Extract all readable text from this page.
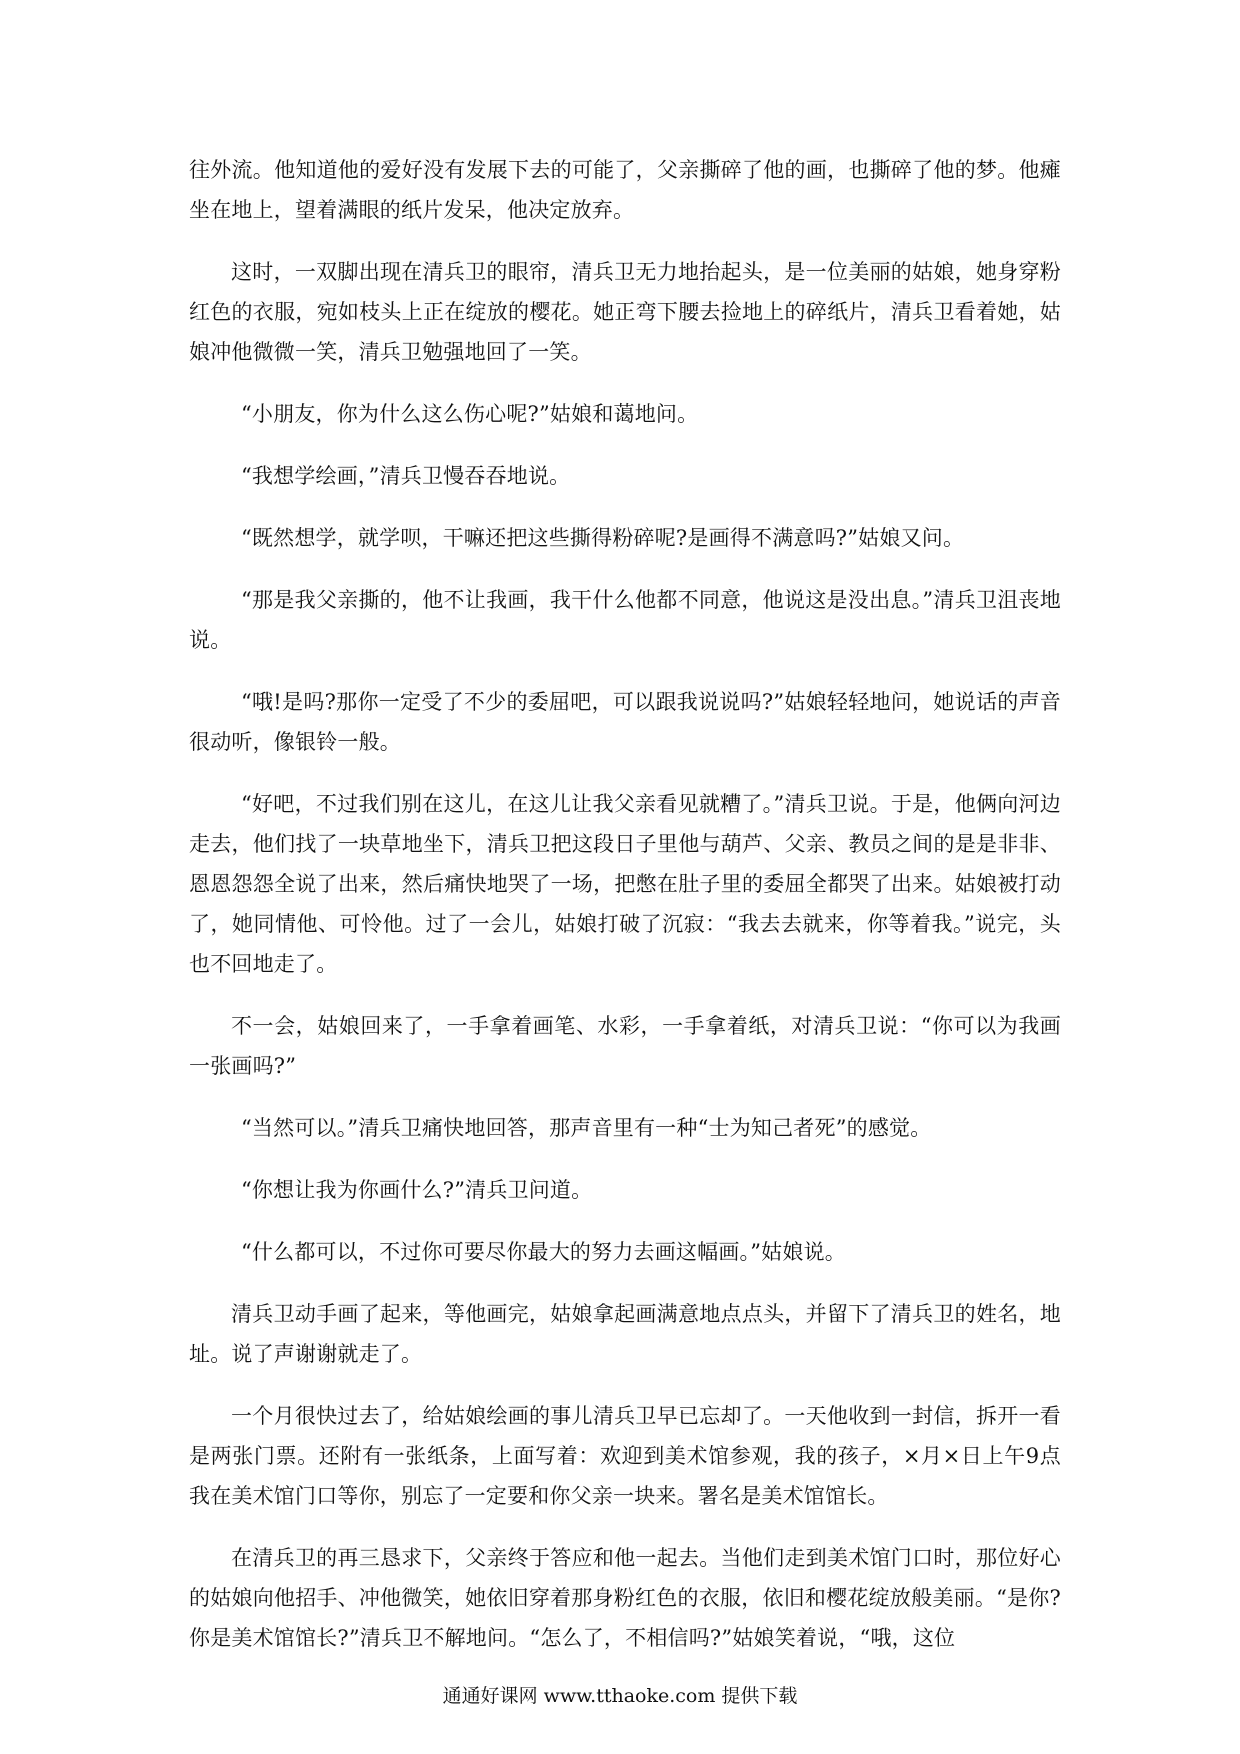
往外流。他知道他的爱好没有发展下去的可能了，父亲撕碎了他的画，也撕碎了他的梦。他瘫坐在地上，望着满眼的纸片发呆，他决定放弃。

这时，一双脚出现在清兵卫的眼帘，清兵卫无力地抬起头，是一位美丽的姑娘，她身穿粉红色的衣服，宛如枝头上正在绽放的樱花。她正弯下腰去捡地上的碎纸片，清兵卫看着她，姑娘冲他微微一笑，清兵卫勉强地回了一笑。

“小朋友，你为什么这么伤心呢?”姑娘和蔼地问。

“我想学绘画，”清兵卫慢吞吞地说。

“既然想学，就学呗，干嘛还把这些撕得粉碎呢?是画得不满意吗?”姑娘又问。

“那是我父亲撕的，他不让我画，我干什么他都不同意，他说这是没出息。”清兵卫沮丧地说。

“哦!是吗?那你一定受了不少的委屈吧，可以跟我说说吗?”姑娘轻轻地问，她说话的声音很动听，像银铃一般。

“好吧，不过我们别在这儿，在这儿让我父亲看见就糟了。”清兵卫说。于是，他俩向河边走去，他们找了一块草地坐下，清兵卫把这段日子里他与葫芦、父亲、教员之间的是是非非、恩恩怨怨全说了出来，然后痛快地哭了一场，把憋在肚子里的委屈全都哭了出来。姑娘被打动了，她同情他、可怜他。过了一会儿，姑娘打破了沉寂：“我去去就来，你等着我。”说完，头也不回地走了。

不一会，姑娘回来了，一手拿着画笔、水彩，一手拿着纸，对清兵卫说：“你可以为我画一张画吗?”

“当然可以。”清兵卫痛快地回答，那声音里有一种“士为知己者死”的感觉。

“你想让我为你画什么?”清兵卫问道。

“什么都可以，不过你可要尽你最大的努力去画这幅画。”姑娘说。

清兵卫动手画了起来，等他画完，姑娘拿起画满意地点点头，并留下了清兵卫的姓名，地址。说了声谢谢就走了。

一个月很快过去了，给姑娘绘画的事儿清兵卫早已忘却了。一天他收到一封信，拆开一看是两张门票。还附有一张纸条，上面写着：欢迎到美术馆参观，我的孩子，×月×日上午9点我在美术馆门口等你，别忘了一定要和你父亲一块来。署名是美术馆馆长。

在清兵卫的再三恳求下，父亲终于答应和他一起去。当他们走到美术馆门口时，那位好心的姑娘向他招手、冲他微笑，她依旧穿着那身粉红色的衣服，依旧和樱花绽放般美丽。“是你?你是美术馆馆长?”清兵卫不解地问。“怎么了，不相信吗?”姑娘笑着说，“哦，这位

通通好课网 www.tthaoke.com 提供下载
